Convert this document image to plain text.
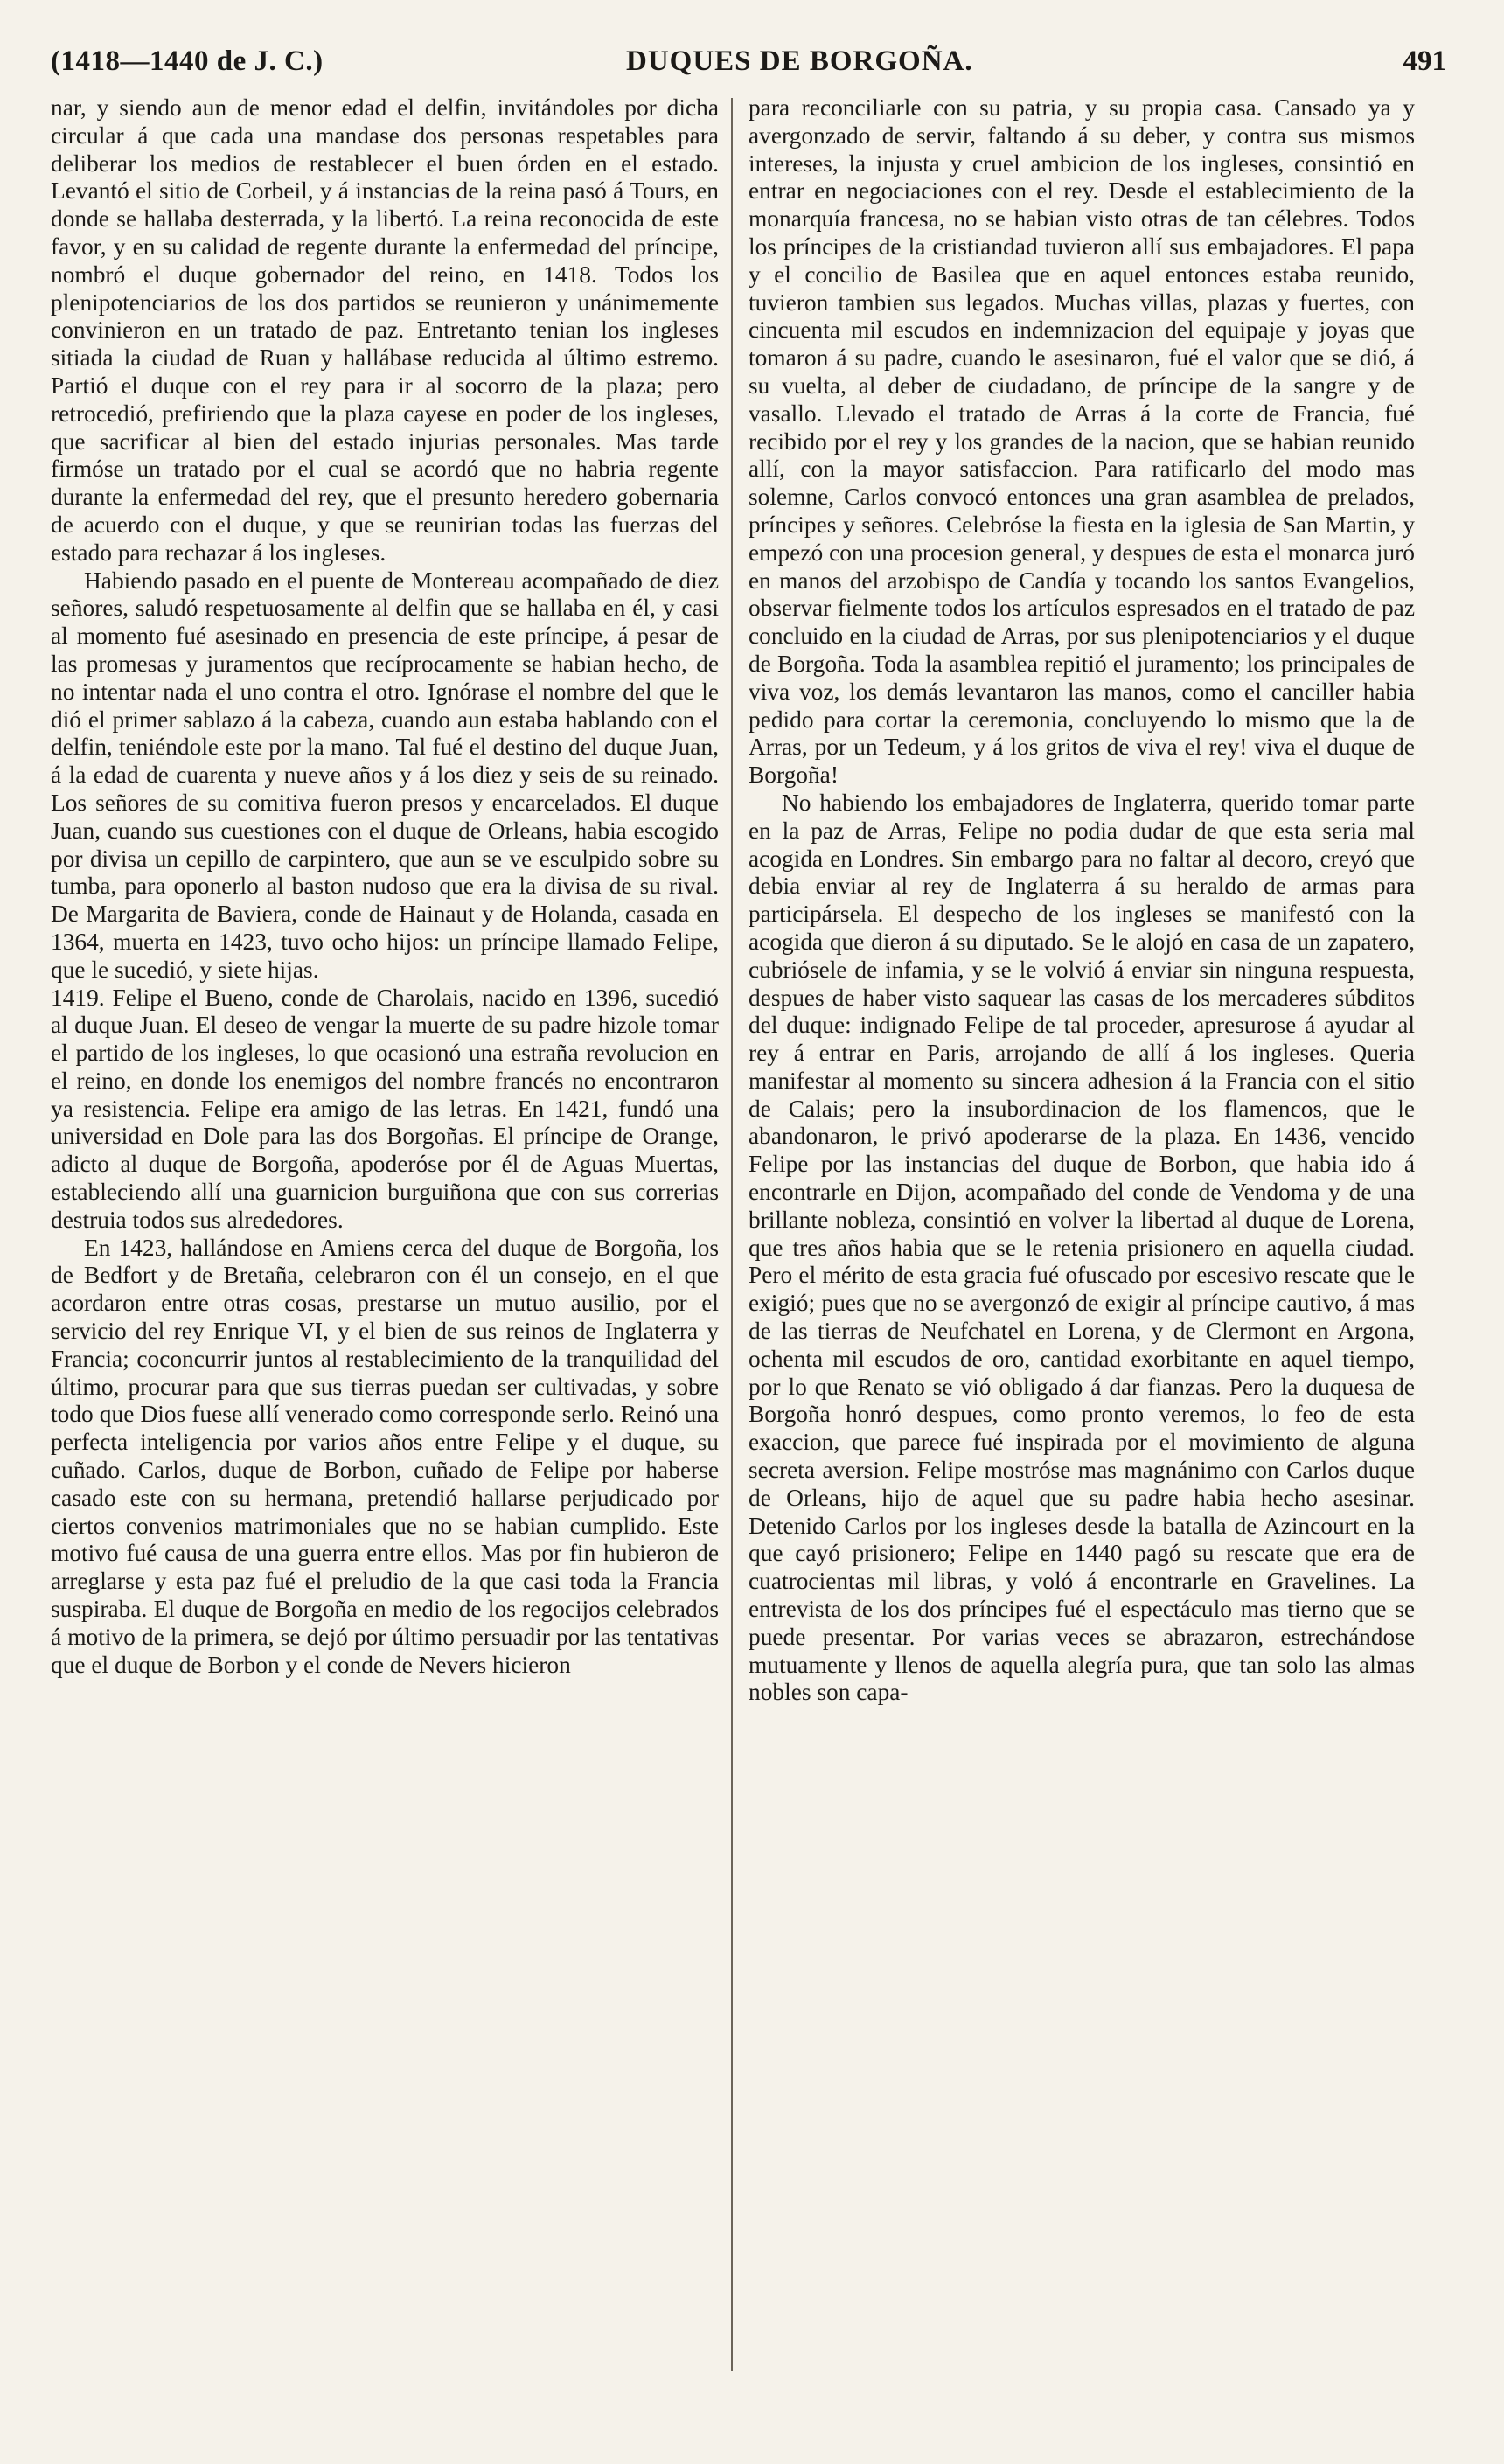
(1418—1440 de J. C.)	DUQUES DE BORGOÑA.	491

nar, y siendo aun de menor edad el delfin, invitándoles por dicha circular á que cada una mandase dos personas respetables para deliberar los medios de restablecer el buen órden en el estado. Levantó el sitio de Corbeil, y á instancias de la reina pasó á Tours, en donde se hallaba desterrada, y la libertó. La reina reconocida de este favor, y en su calidad de regente durante la enfermedad del príncipe, nombró el duque gobernador del reino, en 1418. Todos los plenipotenciarios de los dos partidos se reunieron y unánimemente convinieron en un tratado de paz. Entretanto tenian los ingleses sitiada la ciudad de Ruan y hallábase reducida al último estremo. Partió el duque con el rey para ir al socorro de la plaza; pero retrocedió, prefiriendo que la plaza cayese en poder de los ingleses, que sacrificar al bien del estado injurias personales. Mas tarde firmóse un tratado por el cual se acordó que no habria regente durante la enfermedad del rey, que el presunto heredero gobernaria de acuerdo con el duque, y que se reunirian todas las fuerzas del estado para rechazar á los ingleses.

Habiendo pasado en el puente de Montereau acompañado de diez señores, saludó respetuosamente al delfin que se hallaba en él, y casi al momento fué asesinado en presencia de este príncipe, á pesar de las promesas y juramentos que recíprocamente se habian hecho, de no intentar nada el uno contra el otro. Ignórase el nombre del que le dió el primer sablazo á la cabeza, cuando aun estaba hablando con el delfin, teniéndole este por la mano. Tal fué el destino del duque Juan, á la edad de cuarenta y nueve años y á los diez y seis de su reinado. Los señores de su comitiva fueron presos y encarcelados. El duque Juan, cuando sus cuestiones con el duque de Orleans, habia escogido por divisa un cepillo de carpintero, que aun se ve esculpido sobre su tumba, para oponerlo al baston nudoso que era la divisa de su rival. De Margarita de Baviera, conde de Hainaut y de Holanda, casada en 1364, muerta en 1423, tuvo ocho hijos: un príncipe llamado Felipe, que le sucedió, y siete hijas.

1419. Felipe el Bueno, conde de Charolais, nacido en 1396, sucedió al duque Juan. El deseo de vengar la muerte de su padre hizole tomar el partido de los ingleses, lo que ocasionó una estraña revolucion en el reino, en donde los enemigos del nombre francés no encontraron ya resistencia. Felipe era amigo de las letras. En 1421, fundó una universidad en Dole para las dos Borgoñas. El príncipe de Orange, adicto al duque de Borgoña, apoderóse por él de Aguas Muertas, estableciendo allí una guarnicion burguiñona que con sus correrias destruia todos sus alrededores.

En 1423, hallándose en Amiens cerca del duque de Borgoña, los de Bedfort y de Bretaña, celebraron con él un consejo, en el que acordaron entre otras cosas, prestarse un mutuo ausilio, por el servicio del rey Enrique VI, y el bien de sus reinos de Inglaterra y Francia; coconcurrir juntos al restablecimiento de la tranquilidad del último, procurar para que sus tierras puedan ser cultivadas, y sobre todo que Dios fuese allí venerado como corresponde serlo. Reinó una perfecta inteligencia por varios años entre Felipe y el duque, su cuñado. Carlos, duque de Borbon, cuñado de Felipe por haberse casado este con su hermana, pretendió hallarse perjudicado por ciertos convenios matrimoniales que no se habian cumplido. Este motivo fué causa de una guerra entre ellos. Mas por fin hubieron de arreglarse y esta paz fué el preludio de la que casi toda la Francia suspiraba. El duque de Borgoña en medio de los regocijos celebrados á motivo de la primera, se dejó por último persuadir por las tentativas que el duque de Borbon y el conde de Nevers hicieron

para reconciliarle con su patria, y su propia casa. Cansado ya y avergonzado de servir, faltando á su deber, y contra sus mismos intereses, la injusta y cruel ambicion de los ingleses, consintió en entrar en negociaciones con el rey. Desde el establecimiento de la monarquía francesa, no se habian visto otras de tan célebres. Todos los príncipes de la cristiandad tuvieron allí sus embajadores. El papa y el concilio de Basilea que en aquel entonces estaba reunido, tuvieron tambien sus legados. Muchas villas, plazas y fuertes, con cincuenta mil escudos en indemnizacion del equipaje y joyas que tomaron á su padre, cuando le asesinaron, fué el valor que se dió, á su vuelta, al deber de ciudadano, de príncipe de la sangre y de vasallo. Llevado el tratado de Arras á la corte de Francia, fué recibido por el rey y los grandes de la nacion, que se habian reunido allí, con la mayor satisfaccion. Para ratificarlo del modo mas solemne, Carlos convocó entonces una gran asamblea de prelados, príncipes y señores. Celebróse la fiesta en la iglesia de San Martin, y empezó con una procesion general, y despues de esta el monarca juró en manos del arzobispo de Candía y tocando los santos Evangelios, observar fielmente todos los artículos espresados en el tratado de paz concluido en la ciudad de Arras, por sus plenipotenciarios y el duque de Borgoña. Toda la asamblea repitió el juramento; los principales de viva voz, los demás levantaron las manos, como el canciller habia pedido para cortar la ceremonia, concluyendo lo mismo que la de Arras, por un Tedeum, y á los gritos de viva el rey! viva el duque de Borgoña!

No habiendo los embajadores de Inglaterra, querido tomar parte en la paz de Arras, Felipe no podia dudar de que esta seria mal acogida en Londres. Sin embargo para no faltar al decoro, creyó que debia enviar al rey de Inglaterra á su heraldo de armas para participársela. El despecho de los ingleses se manifestó con la acogida que dieron á su diputado. Se le alojó en casa de un zapatero, cubriósele de infamia, y se le volvió á enviar sin ninguna respuesta, despues de haber visto saquear las casas de los mercaderes súbditos del duque: indignado Felipe de tal proceder, apresurose á ayudar al rey á entrar en Paris, arrojando de allí á los ingleses. Queria manifestar al momento su sincera adhesion á la Francia con el sitio de Calais; pero la insubordinacion de los flamencos, que le abandonaron, le privó apoderarse de la plaza. En 1436, vencido Felipe por las instancias del duque de Borbon, que habia ido á encontrarle en Dijon, acompañado del conde de Vendoma y de una brillante nobleza, consintió en volver la libertad al duque de Lorena, que tres años habia que se le retenia prisionero en aquella ciudad. Pero el mérito de esta gracia fué ofuscado por escesivo rescate que le exigió; pues que no se avergonzó de exigir al príncipe cautivo, á mas de las tierras de Neufchatel en Lorena, y de Clermont en Argona, ochenta mil escudos de oro, cantidad exorbitante en aquel tiempo, por lo que Renato se vió obligado á dar fianzas. Pero la duquesa de Borgoña honró despues, como pronto veremos, lo feo de esta exaccion, que parece fué inspirada por el movimiento de alguna secreta aversion. Felipe mostróse mas magnánimo con Carlos duque de Orleans, hijo de aquel que su padre habia hecho asesinar. Detenido Carlos por los ingleses desde la batalla de Azincourt en la que cayó prisionero; Felipe en 1440 pagó su rescate que era de cuatrocientas mil libras, y voló á encontrarle en Gravelines. La entrevista de los dos príncipes fué el espectáculo mas tierno que se puede presentar. Por varias veces se abrazaron, estrechándose mutuamente y llenos de aquella alegría pura, que tan solo las almas nobles son capa-
